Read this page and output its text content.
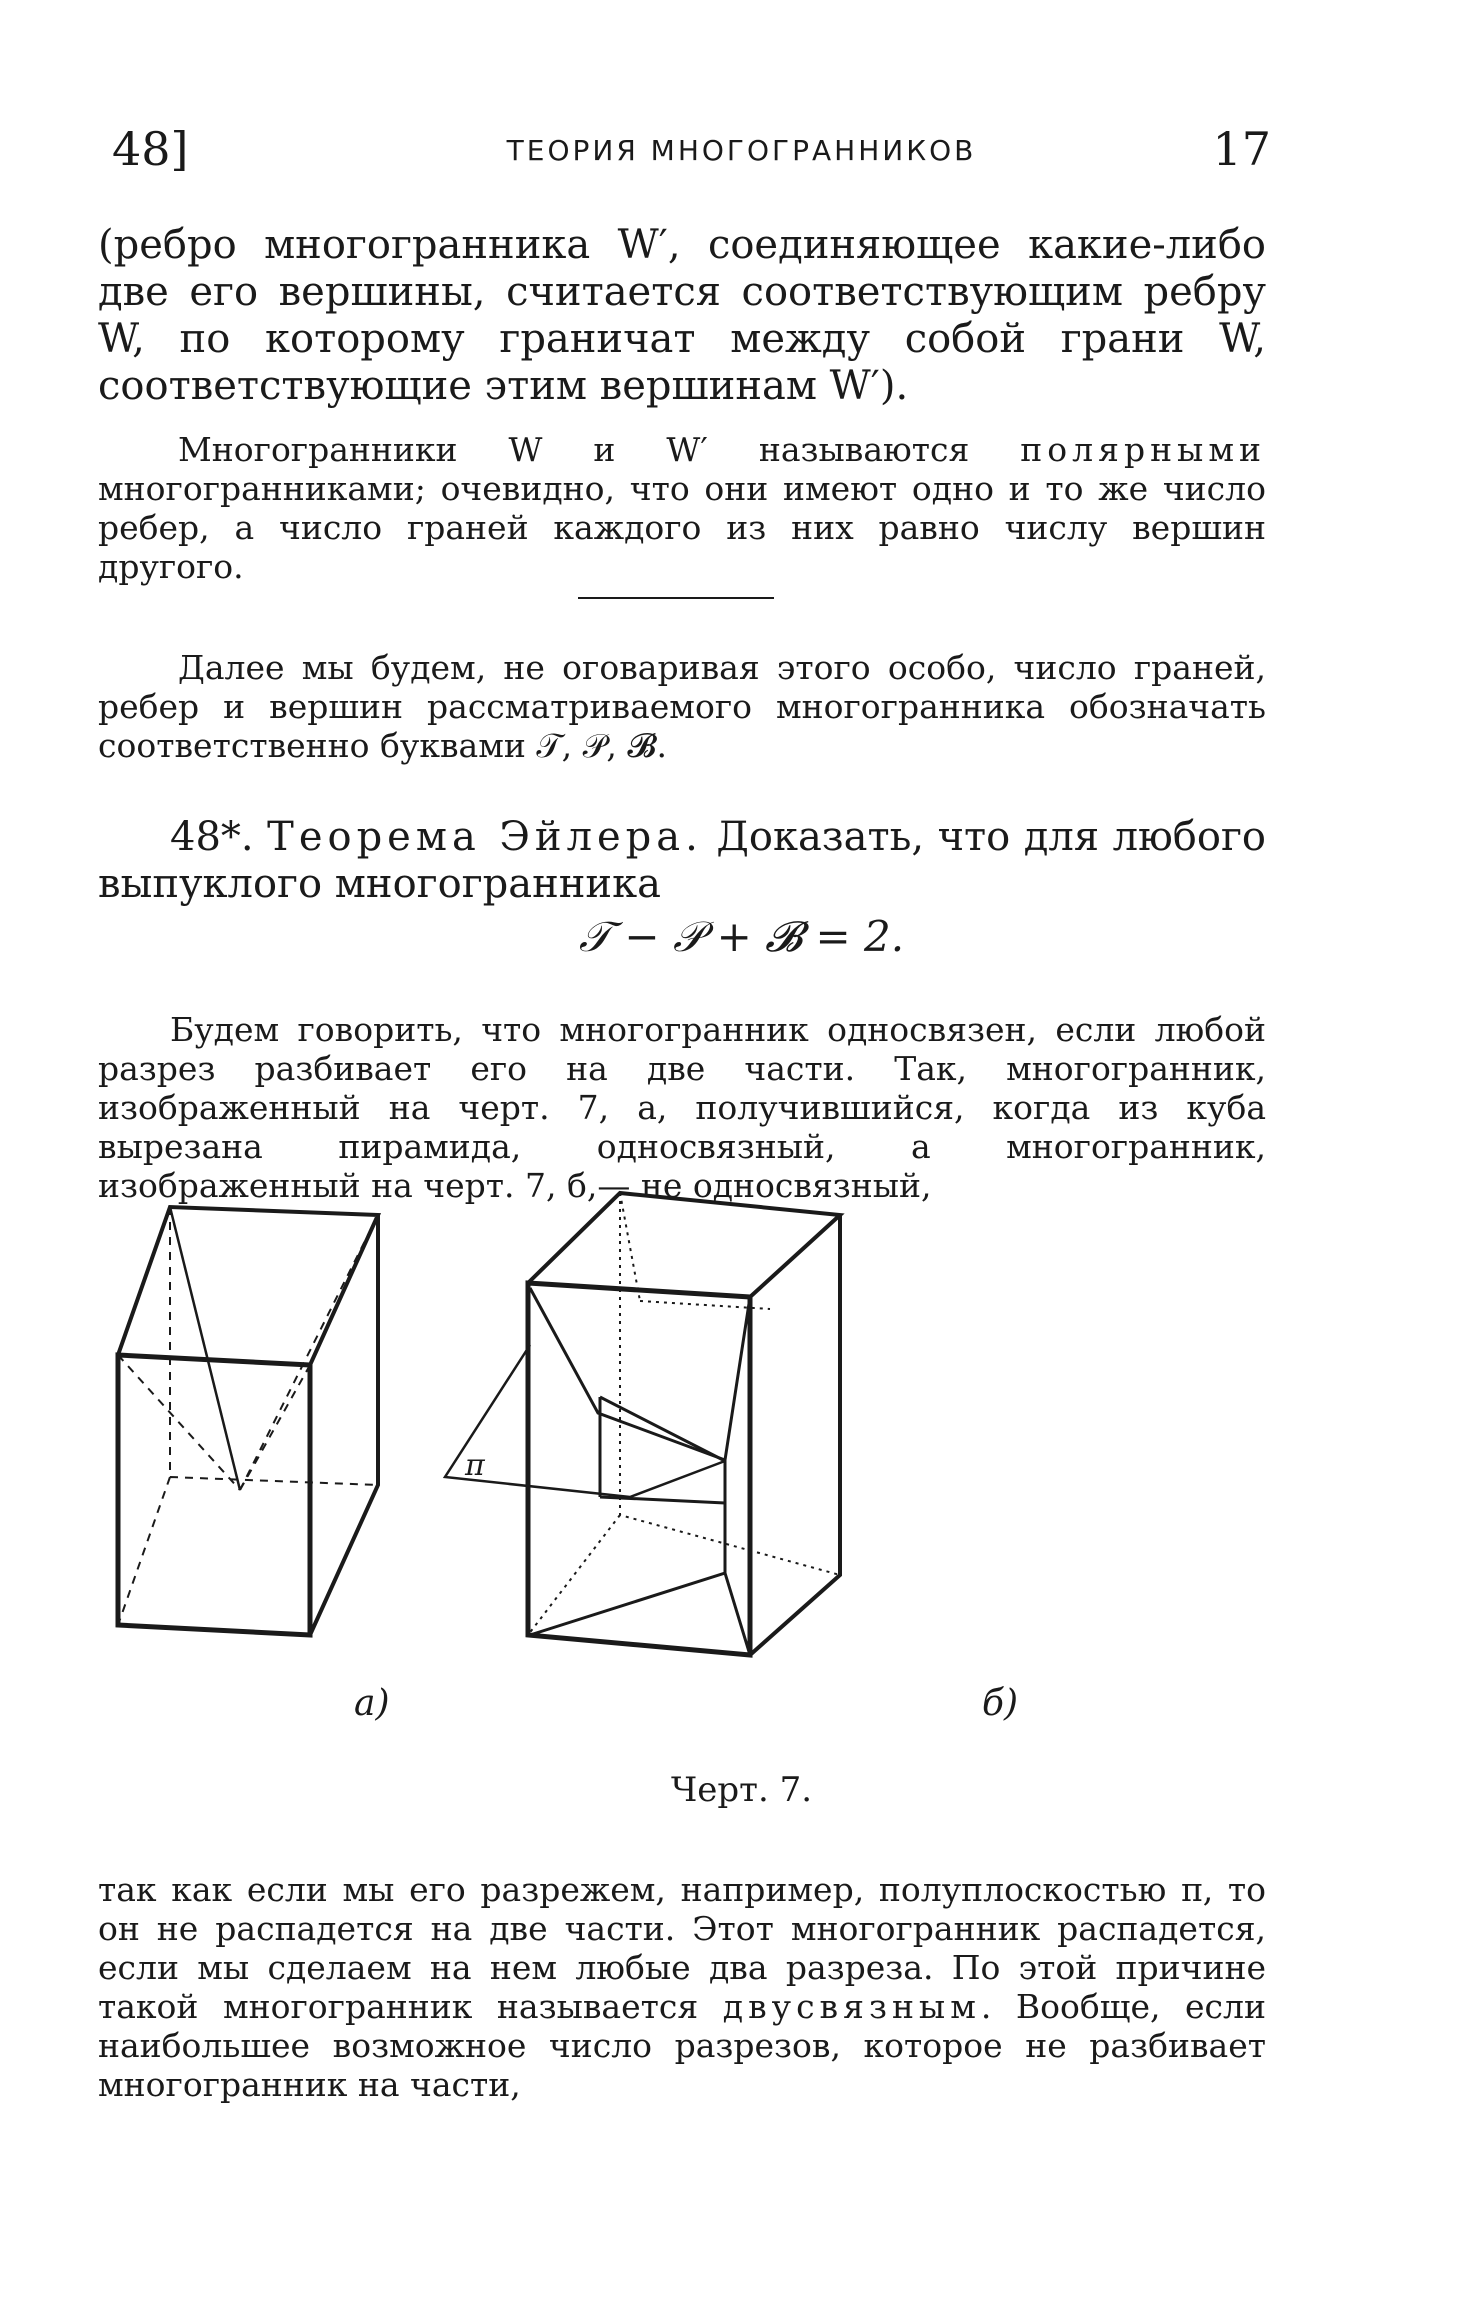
48]	ТЕОРИЯ МНОГОГРАННИКОВ	17
(ребро многогранника W′, соединяющее какие-либо две его вершины, считается соответствующим ребру W, по которому граничат между собой грани W, соответствующие этим вершинам W′).
Многогранники W и W′ называются полярными многогранниками; очевидно, что они имеют одно и то же число ребер, а число граней каждого из них равно числу вершин другого.
Далее мы будем, не оговаривая этого особо, число граней, ребер и вершин рассматриваемого многогранника обозначать соответственно буквами 𝒯, 𝒫, 𝓑.
48*. Теорема Эйлера. Доказать, что для любого выпуклого многогранника
𝒯 − 𝒫 + 𝓑 = 2.
Будем говорить, что многогранник односвязен, если любой разрез разбивает его на две части. Так, многогранник, изображенный на черт. 7, а, получившийся, когда из куба вырезана пирамида, односвязный, а многогранник, изображенный на черт. 7, б,— не односвязный,
π
а)	б)
Черт. 7.
так как если мы его разрежем, например, полуплоскостью π, то он не распадется на две части. Этот многогранник распадется, если мы сделаем на нем любые два разреза. По этой причине такой многогранник называется двусвязным. Вообще, если наибольшее возможное число разрезов, которое не разбивает многогранник на части,
